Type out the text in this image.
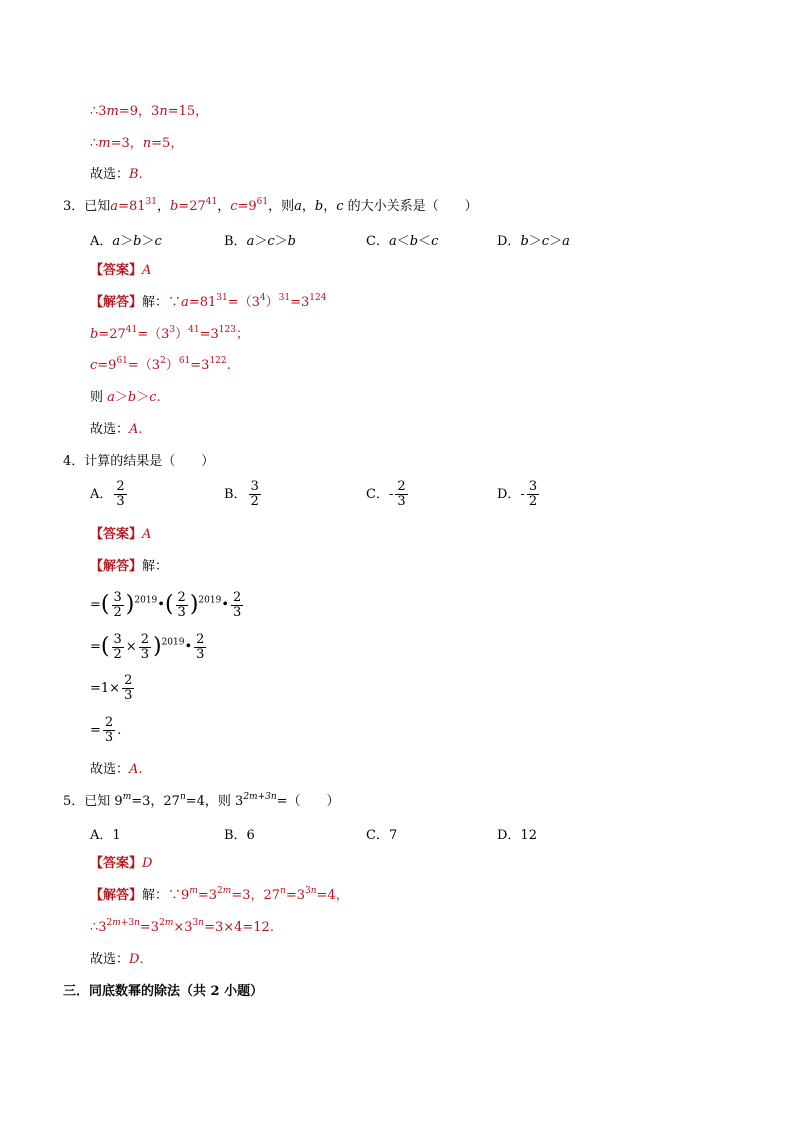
∴3m=9，3n=15，
∴m=3，n=5，
故选：B.
3．已知$a=81^{31}$，$b=27^{41}$，$c=9^{61}$，则a，b，c 的大小关系是（　　）
A．a＞b＞c	B．a＞c＞b	C．a＜b＜c	D．b＞c＞a
【答案】A
【解答】解：$\because a=81^{31}=(3^4)^{31}=3^{124}$
$b=27^{41}=(3^3)^{41}=3^{123}$；
$c=9^{61}=(3^2)^{61}=3^{122}$.
则 a＞b＞c.
故选：A.
4．计算的结果是（　　）
A． $\frac{2}{3}$	B． $\frac{3}{2}$	C．- $\frac{2}{3}$	D．- $\frac{3}{2}$
【答案】A
【解答】解：
=( $\frac{3}{2}$ )$^{2019}$•( $\frac{2}{3}$ )$^{2019}$• $\frac{2}{3}$
=( $\frac{3}{2} \times \frac{2}{3}$ )$^{2019}$• $\frac{2}{3}$
$=1\times \frac{2}{3}$
= $\frac{2}{3}$ .
故选：A.
5．已知 $9^m=3$，$27^n=4$，则 $3^{2m+3n}=$（　　）
A．1	B．6	C．7	D．12
【答案】D
【解答】解：$\because 9^m=3^{2m}=3$，$27^n=3^{3n}=4$，
$\therefore 3^{2m+3n}=3^{2m}\times 3^{3n}=3\times 4=12$.
故选：D.
三．同底数幂的除法（共 2 小题）
